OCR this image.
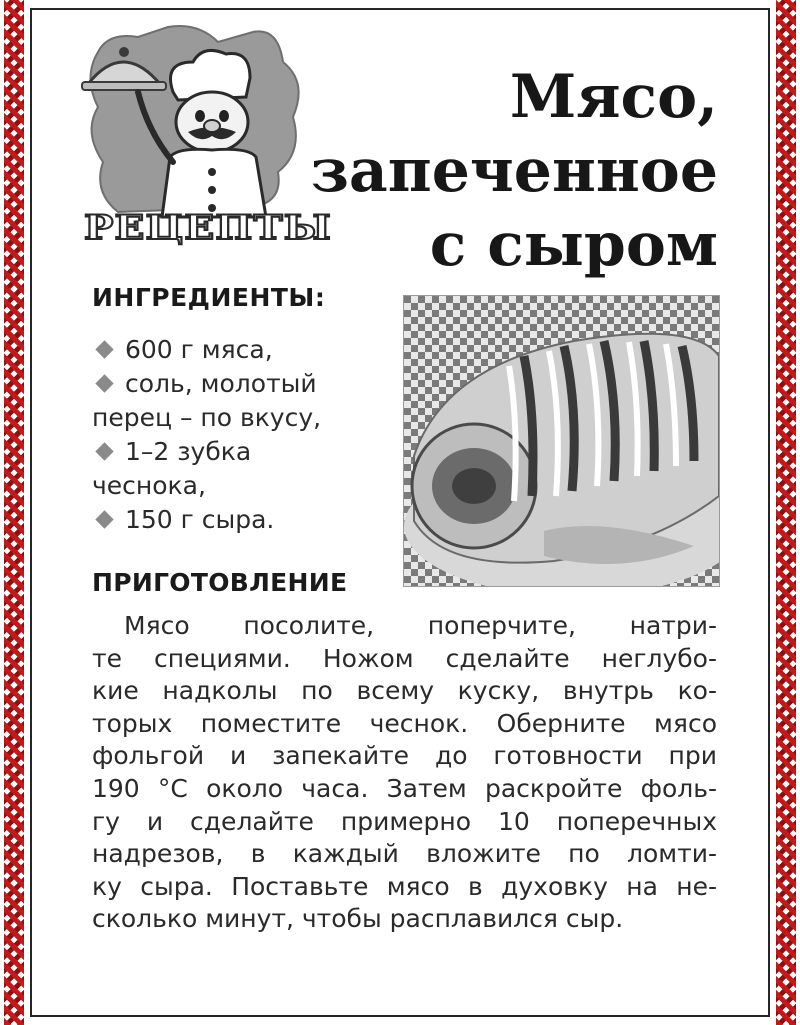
РЕЦЕПТЫ
Мясо,
запеченное
с сыром
ИНГРЕДИЕНТЫ:
600 г мяса,
соль, молотый
перец – по вкусу,
1–2 зубка
чеснока,
150 г сыра.
ПРИГОТОВЛЕНИЕ

Мясо посолите, поперчите, натри-
те специями. Ножом сделайте неглубо-
кие надколы по всему куску, внутрь ко-
торых поместите чеснок. Оберните мясо
фольгой и запекайте до готовности при
190 °С около часа. Затем раскройте фоль-
гу и сделайте примерно 10 поперечных
надрезов, в каждый вложите по ломти-
ку сыра. Поставьте мясо в духовку на не-
сколько минут, чтобы расплавился сыр.
